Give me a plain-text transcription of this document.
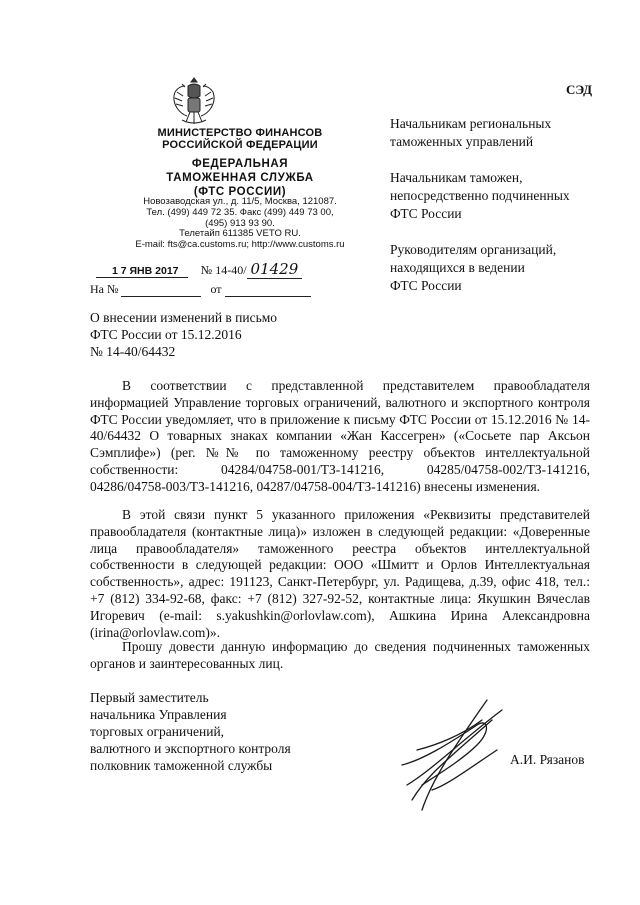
СЭД
МИНИСТЕРСТВО ФИНАНСОВ
РОССИЙСКОЙ ФЕДЕРАЦИИ
ФЕДЕРАЛЬНАЯ
ТАМОЖЕННАЯ СЛУЖБА
(ФТС РОССИИ)
Новозаводская ул., д. 11/5, Москва, 121087.
Тел. (499) 449 72 35. Факс (499) 449 73 00,
(495) 913 93 90.
Телетайп 611385 VETO RU.
E-mail: fts@ca.customs.ru; http://www.customs.ru
1 7 ЯНВ 2017 № 14-40/ 01429
На №	от
Начальникам региональных
таможенных управлений
Начальникам таможен,
непосредственно подчиненных
ФТС России
Руководителям организаций,
находящихся в ведении
ФТС России
О внесении изменений в письмо
ФТС России от 15.12.2016
№ 14-40/64432

В соответствии с представленной представителем правообладателя информацией Управление торговых ограничений, валютного и экспортного контроля ФТС России уведомляет, что в приложение к письму ФТС России от 15.12.2016 № 14-40/64432 О товарных знаках компании «Жан Кассегрен» («Сосьете пар Аксьон Сэмплифе») (рег. №№ по таможенному реестру объектов интеллектуальной собственности: 04284/04758-001/ТЗ-141216, 04285/04758-002/ТЗ-141216, 04286/04758-003/ТЗ-141216, 04287/04758-004/ТЗ-141216) внесены изменения.

В этой связи пункт 5 указанного приложения «Реквизиты представителей правообладателя (контактные лица)» изложен в следующей редакции: «Доверенные лица правообладателя» таможенного реестра объектов интеллектуальной собственности в следующей редакции: ООО «Шмитт и Орлов Интеллектуальная собственность», адрес: 191123, Санкт-Петербург, ул. Радищева, д.39, офис 418, тел.: +7 (812) 334-92-68, факс: +7 (812) 327-92-52, контактные лица: Якушкин Вячеслав Игоревич (e-mail: s.yakushkin@orlovlaw.com), Ашкина Ирина Александровна (irina@orlovlaw.com)».

Прошу довести данную информацию до сведения подчиненных таможенных органов и заинтересованных лиц.

Первый заместитель
начальника Управления
торговых ограничений,
валютного и экспортного контроля
полковник таможенной службы	А.И. Рязанов
